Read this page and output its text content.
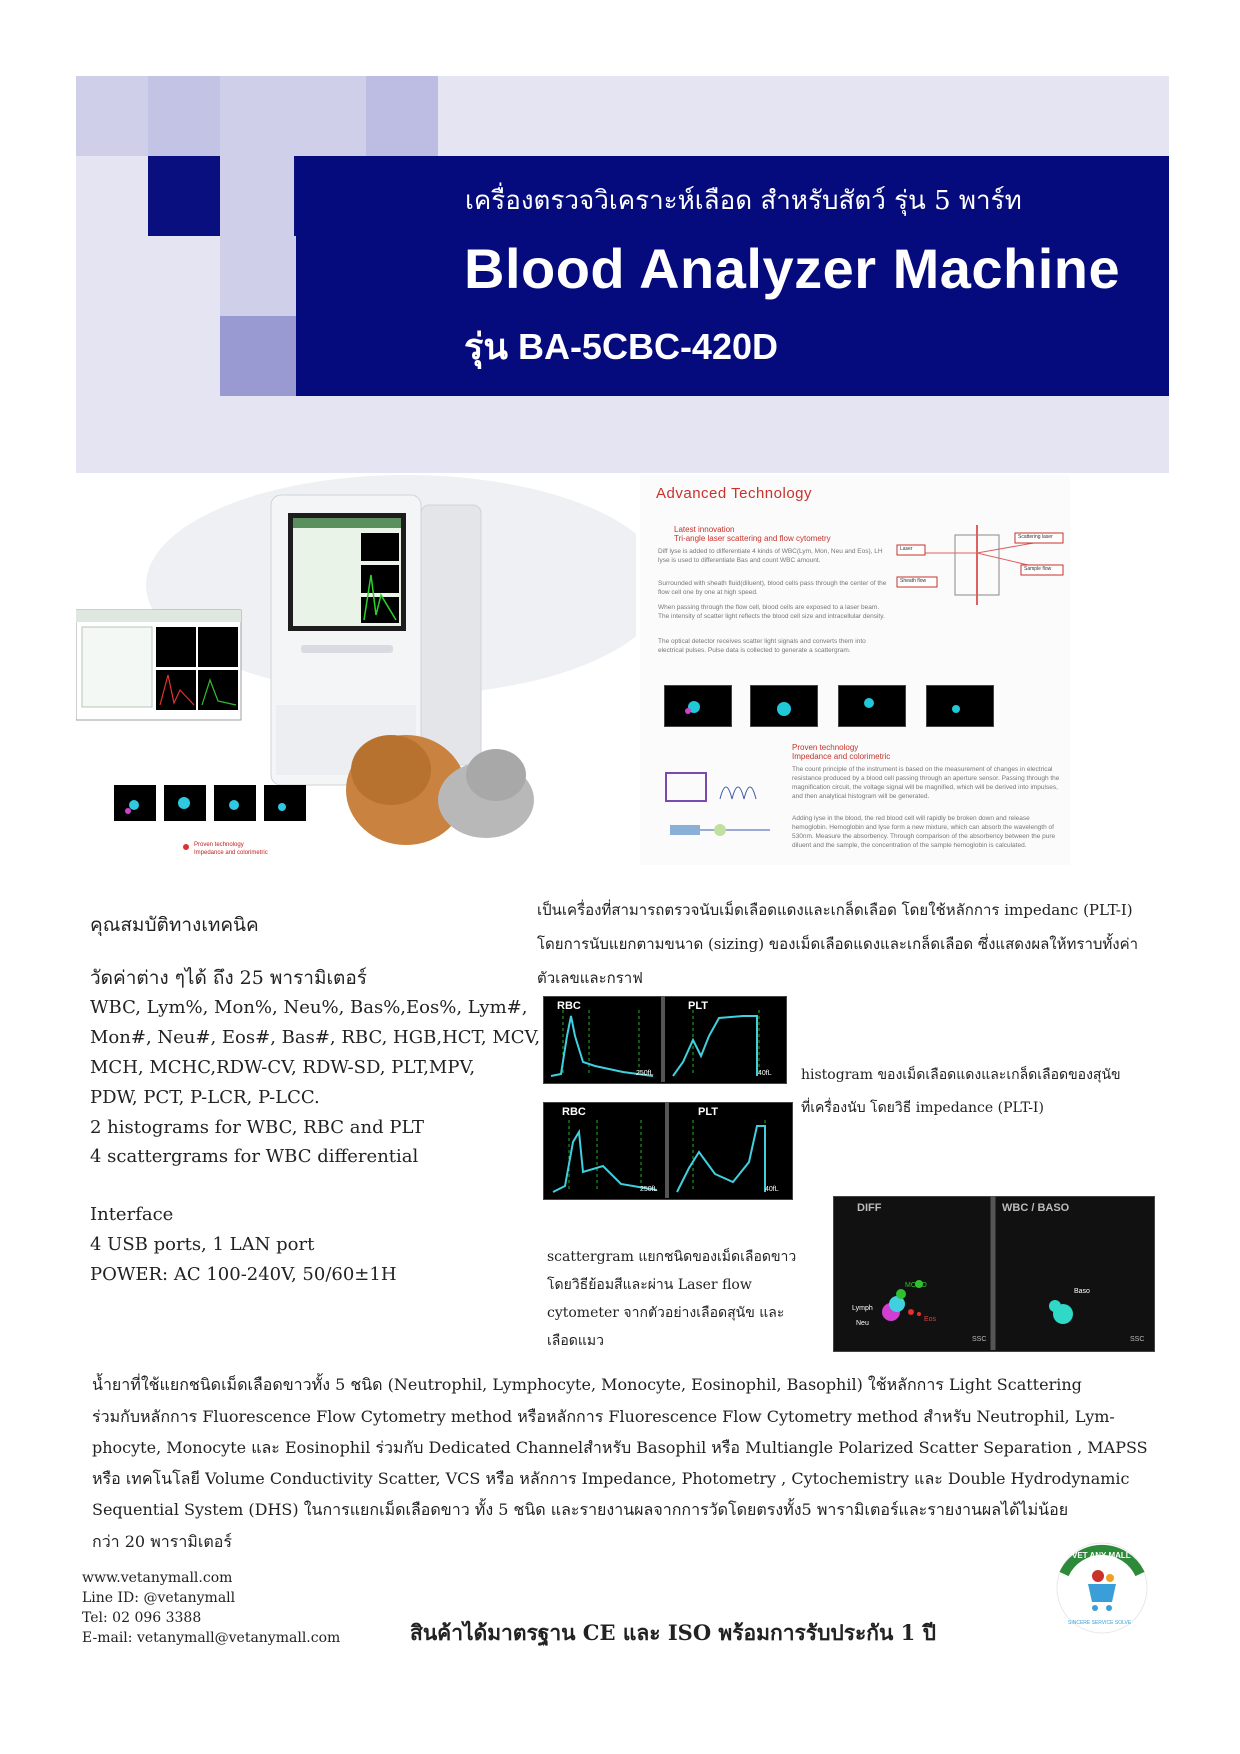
เครื่องตรวจวิเคราะห์เลือด สำหรับสัตว์ รุ่น 5 พาร์ท
Blood Analyzer Machine
รุ่น BA-5CBC-420D
Proven technology
Impedance and colorimetric
Advanced Technology
Latest innovation
Tri-angle laser scattering and flow cytometry
Diff lyse is added to differentiate 4 kinds of WBC(Lym, Mon, Neu and Eos), LH lyse is used to differentiate Bas and count WBC amount.
Surrounded with sheath fluid(diluent), blood cells pass through the center of the flow cell one by one at high speed.
When passing through the flow cell, blood cells are exposed to a laser beam. The intensity of scatter light reflects the blood cell size and intracellular density.
The optical detector receives scatter light signals and converts them into electrical pulses. Pulse data is collected to generate a scattergram.
Laser
Sheath flow
Scattering laser
Sample flow
Proven technology
Impedance and colorimetric
The count principle of the instrument is based on the measurement of changes in electrical resistance produced by a blood cell passing through an aperture sensor. Passing through the magnification circuit, the voltage signal will be magnified, which will be derived into impulses, and then analytical histogram will be generated.
Adding lyse in the blood, the red blood cell will rapidly be broken down and release hemoglobin. Hemoglobin and lyse form a new mixture, which can absorb the wavelength of 530nm. Measure the absorbency. Through comparison of the absorbency between the pure diluent and the sample, the concentration of the sample hemoglobin is calculated.
คุณสมบัติทางเทคนิค
วัดค่าต่าง ๆได้ ถึง 25 พารามิเตอร์
WBC, Lym%, Mon%, Neu%, Bas%,Eos%, Lym#,
Mon#, Neu#, Eos#, Bas#, RBC, HGB,HCT, MCV,
MCH, MCHC,RDW-CV, RDW-SD, PLT,MPV,
PDW, PCT, P-LCR, P-LCC.
2 histograms for WBC, RBC and PLT
4 scattergrams for WBC differential
Interface
4 USB ports, 1 LAN port
POWER: AC 100-240V, 50/60±1H
เป็นเครื่องที่สามารถตรวจนับเม็ดเลือดแดงและเกล็ดเลือด โดยใช้หลักการ impedanc (PLT-I)
โดยการนับแยกตามขนาด (sizing) ของเม็ดเลือดแดงและเกล็ดเลือด ซึ่งแสดงผลให้ทราบทั้งค่า
ตัวเลขและกราฟ
RBC	PLT
250fL	40fL
RBC	PLT
250fL	40fL
histogram ของเม็ดเลือดแดงและเกล็ดเลือดของสุนัข
ที่เครื่องนับ โดยวิธี impedance (PLT-I)
DIFF	WBC / BASO
MONO
Lymph
Neu
Eos
Baso
SSC	SSC
scattergram แยกชนิดของเม็ดเลือดขาว
โดยวิธีย้อมสีและผ่าน Laser flow
cytometer จากตัวอย่างเลือดสุนัข และ
เลือดแมว
น้ำยาที่ใช้แยกชนิดเม็ดเลือดขาวทั้ง 5 ชนิด (Neutrophil, Lymphocyte, Monocyte, Eosinophil, Basophil) ใช้หลักการ Light Scattering
ร่วมกับหลักการ Fluorescence Flow Cytometry method หรือหลักการ Fluorescence Flow Cytometry method สำหรับ Neutrophil, Lym-
phocyte, Monocyte และ Eosinophil ร่วมกับ Dedicated Channelสำหรับ Basophil หรือ Multiangle Polarized Scatter Separation , MAPSS
หรือ เทคโนโลยี Volume Conductivity Scatter, VCS หรือ หลักการ Impedance, Photometry , Cytochemistry และ Double Hydrodynamic
Sequential System (DHS) ในการแยกเม็ดเลือดขาว ทั้ง 5 ชนิด และรายงานผลจากการวัดโดยตรงทั้ง5 พารามิเตอร์และรายงานผลได้ไม่น้อย
กว่า 20 พารามิเตอร์
www.vetanymall.com
Line ID: @vetanymall
Tel: 02 096 3388
E-mail: vetanymall@vetanymall.com	สินค้าได้มาตรฐาน CE และ ISO พร้อมการรับประกัน 1 ปี
VET ANY MALL
SINCERE SERVICE SOLVE
